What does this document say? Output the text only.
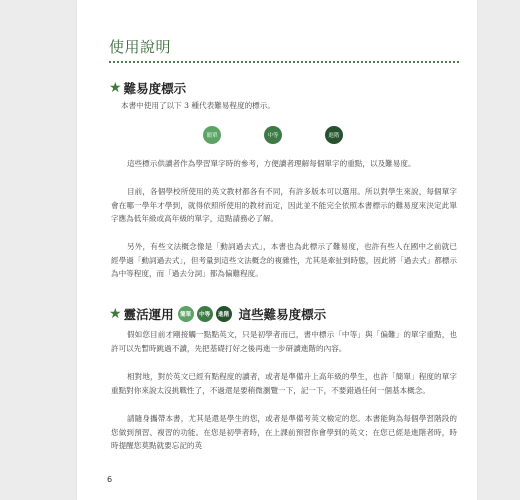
使用說明
★ 難易度標示

本書中使用了以下 3 種代表難易程度的標示。

簡單	中等	進階

這些標示供讀者作為學習單字時的參考，方便讀者理解每個單字的重點，以及難易度。

目前，各個學校所使用的英文教材都各有不同，有許多版本可以選用。所以對學生來說，每個單字會在哪一學年才學到，就得依照所使用的教材而定，因此並不能完全依照本書標示的難易度來決定此單字應為低年級或高年級的單字，這點請務必了解。

另外，有些文法概念像是「動詞過去式」，本書也為此標示了難易度，也許有些人在國中之前就已經學過「動詞過去式」，但考量到這些文法概念的複雜性，尤其是牽扯到時態，因此將「過去式」都標示為中等程度，而「過去分詞」都為偏難程度。

★ 靈活運用	簡單	中等	進階 這些難易度標示

假如您目前才剛接觸一點點英文，只是初學者而已，書中標示「中等」與「偏難」的單字重點，也許可以先暫時跳過不讀，先把基礎打好之後再進一步研讀進階的內容。

相對地，對於英文已經有點程度的讀者，或者是準備升上高年級的學生，也許「簡單」程度的單字重點對你來說太沒挑戰性了，不過還是要稍微瀏覽一下，記一下，不要錯過任何一個基本概念。

請隨身攜帶本書，尤其是還是學生的您，或者是準備考英文檢定的您。本書能夠為每個學習階段的您做到預習、複習的功能。在您是初學者時，在上課前預習你會學到的英文；在您已經是進階者時，時時提醒您莫點就要忘記的英

6
